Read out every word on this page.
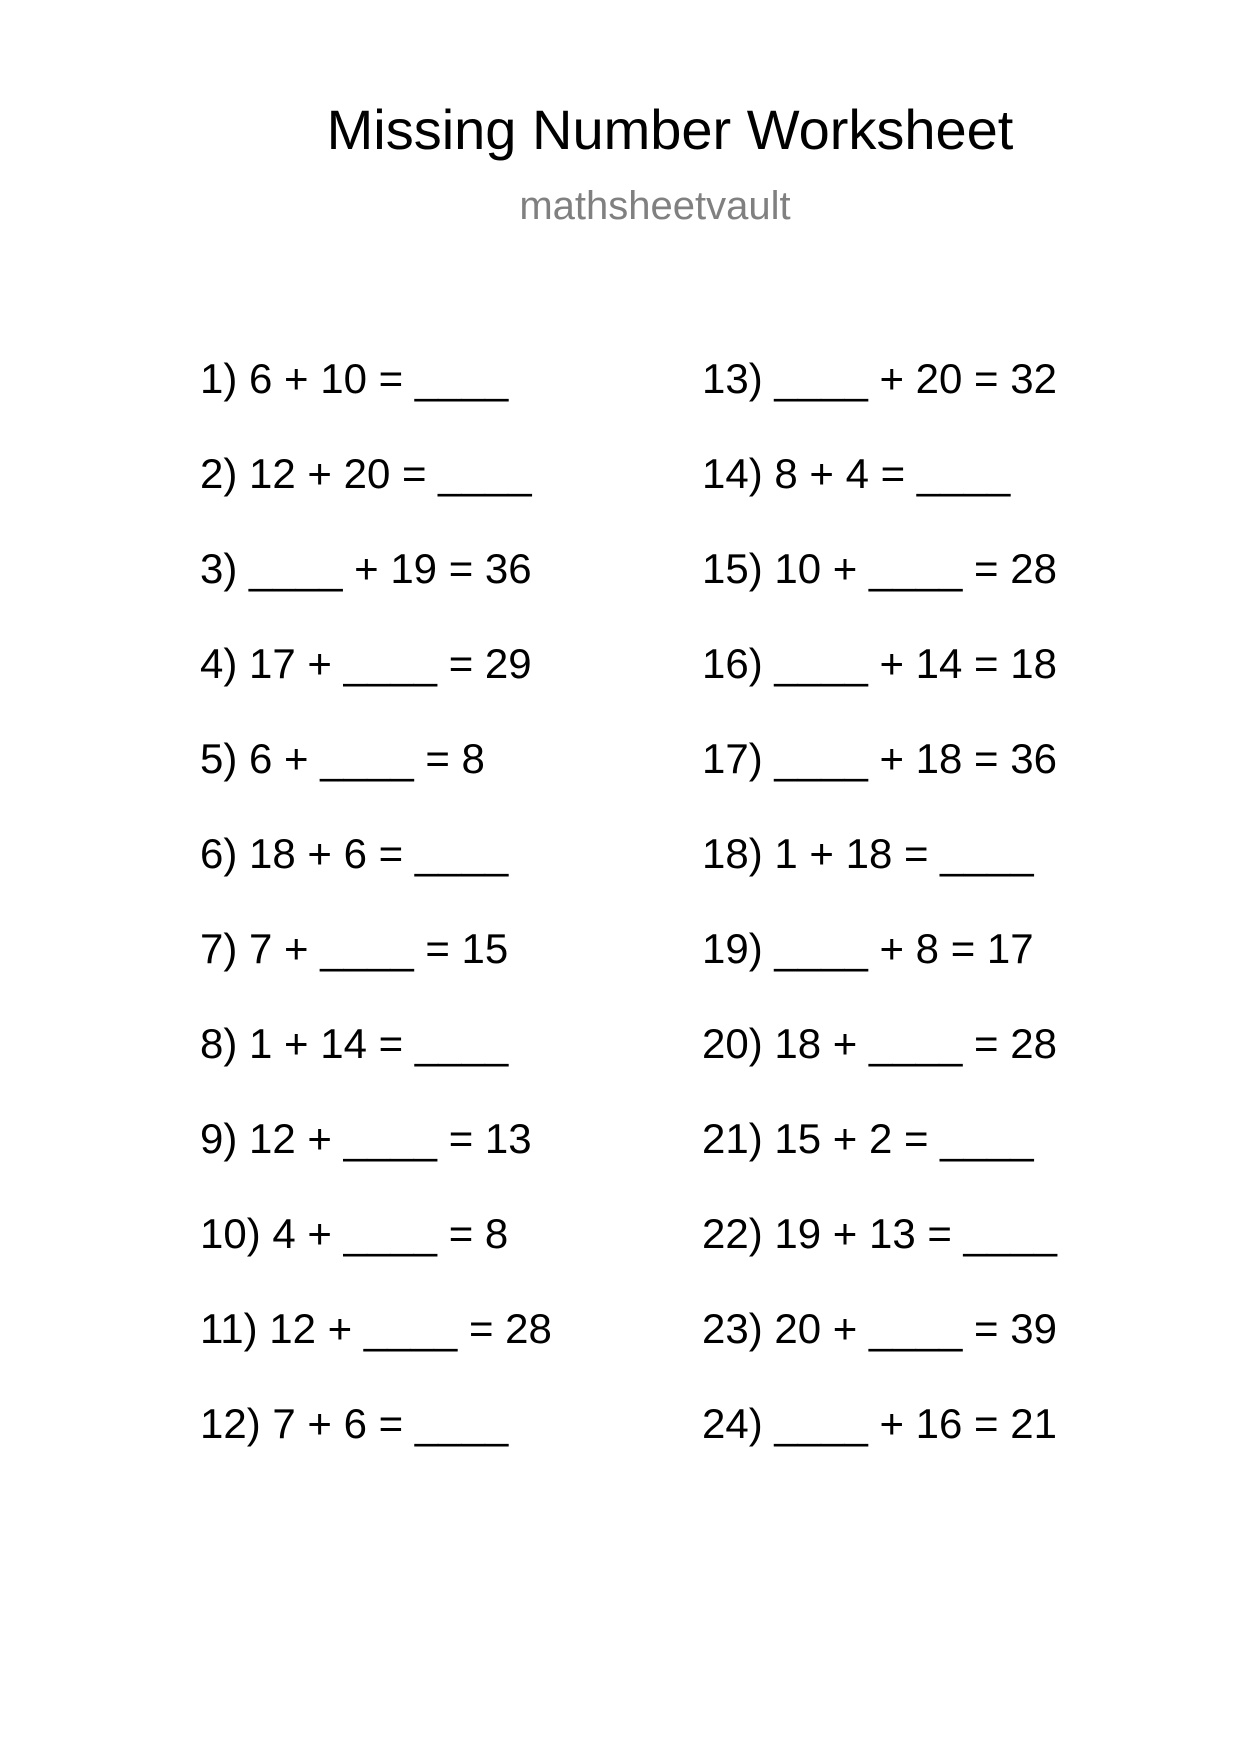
Missing Number Worksheet
mathsheetvault
1) 6 + 10 = ____
2) 12 + 20 = ____
3) ____ + 19 = 36
4) 17 + ____ = 29
5) 6 + ____ = 8
6) 18 + 6 = ____
7) 7 + ____ = 15
8) 1 + 14 = ____
9) 12 + ____ = 13
10) 4 + ____ = 8
11) 12 + ____ = 28
12) 7 + 6 = ____
13) ____ + 20 = 32
14) 8 + 4 = ____
15) 10 + ____ = 28
16) ____ + 14 = 18
17) ____ + 18 = 36
18) 1 + 18 = ____
19) ____ + 8 = 17
20) 18 + ____ = 28
21) 15 + 2 = ____
22) 19 + 13 = ____
23) 20 + ____ = 39
24) ____ + 16 = 21
